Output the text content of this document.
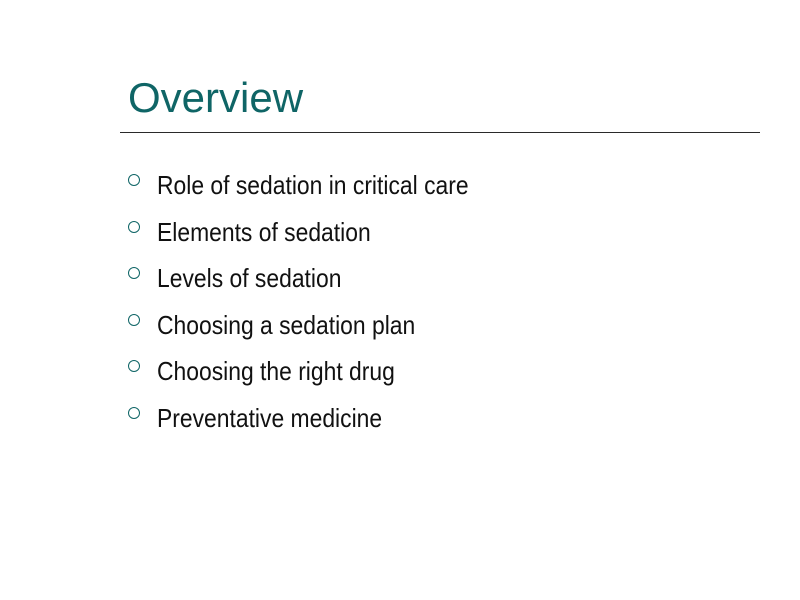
Overview
Role of sedation in critical care
Elements of sedation
Levels of sedation
Choosing a sedation plan
Choosing the right drug
Preventative medicine
